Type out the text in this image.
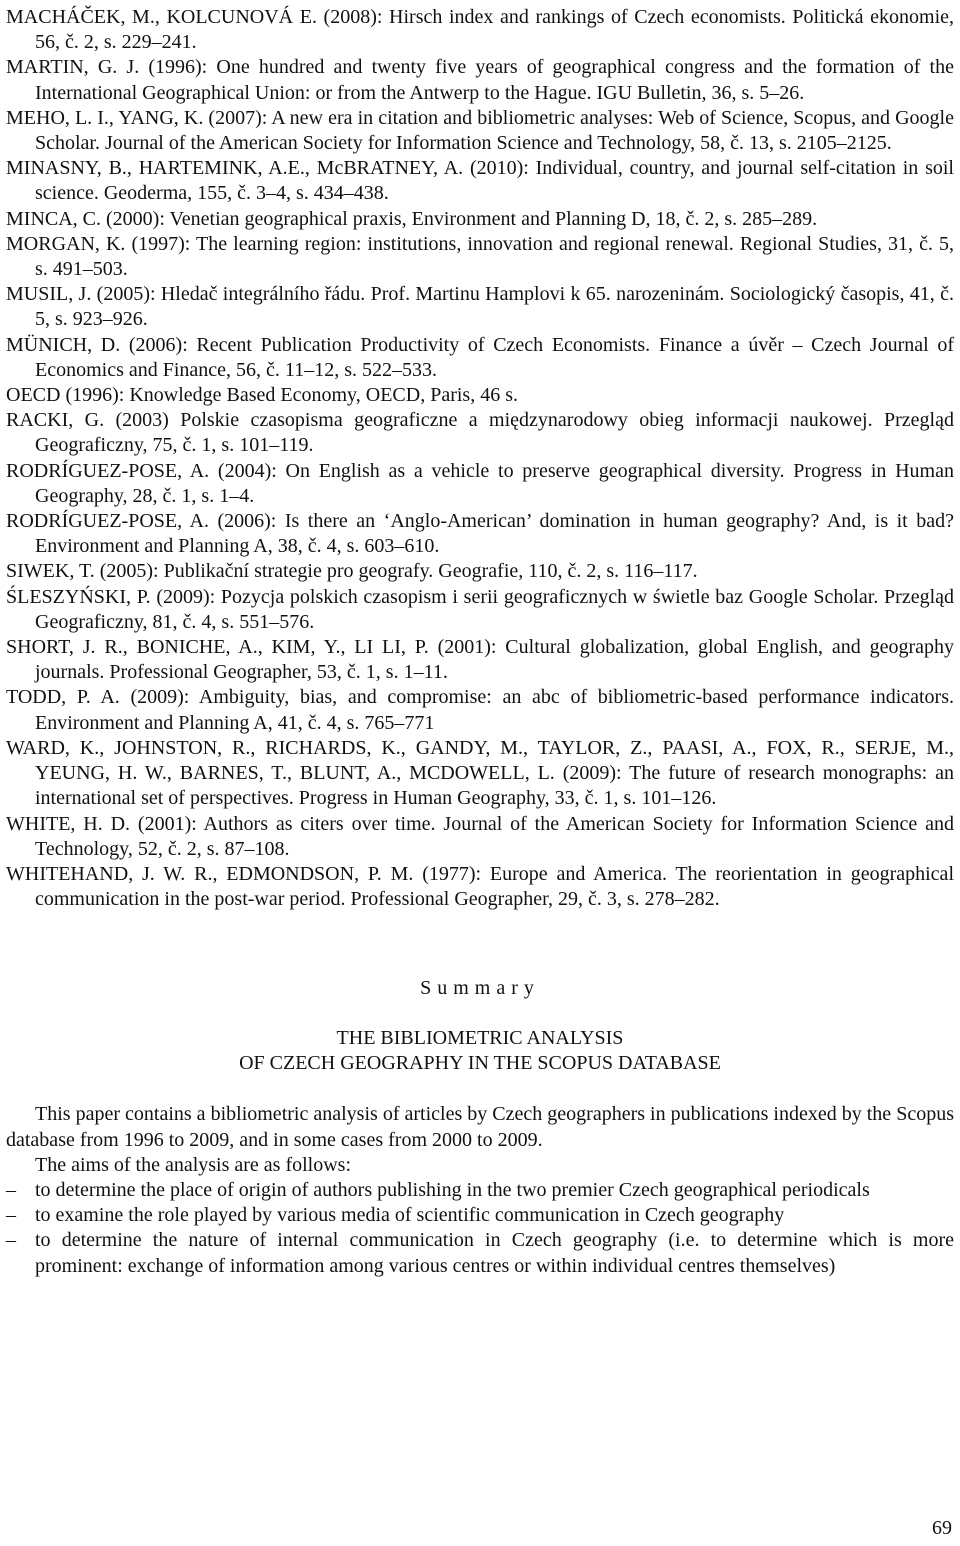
MACHÁČEK, M., KOLCUNOVÁ E. (2008): Hirsch index and rankings of Czech economists. Politická ekonomie, 56, č. 2, s. 229–241.

MARTIN, G. J. (1996): One hundred and twenty five years of geographical congress and the formation of the International Geographical Union: or from the Antwerp to the Hague. IGU Bulletin, 36, s. 5–26.

MEHO, L. I., YANG, K. (2007): A new era in citation and bibliometric analyses: Web of Science, Scopus, and Google Scholar. Journal of the American Society for Information Science and Technology, 58, č. 13, s. 2105–2125.

MINASNY, B., HARTEMINK, A.E., McBRATNEY, A. (2010): Individual, country, and journal self-citation in soil science. Geoderma, 155, č. 3–4, s. 434–438.

MINCA, C. (2000): Venetian geographical praxis, Environment and Planning D, 18, č. 2, s. 285–289.

MORGAN, K. (1997): The learning region: institutions, innovation and regional renewal. Regional Studies, 31, č. 5, s. 491–503.

MUSIL, J. (2005): Hledač integrálního řádu. Prof. Martinu Hamplovi k 65. narozeninám. Sociologický časopis, 41, č. 5, s. 923–926.

MÜNICH, D. (2006): Recent Publication Productivity of Czech Economists. Finance a úvěr – Czech Journal of Economics and Finance, 56, č. 11–12, s. 522–533.

OECD (1996): Knowledge Based Economy, OECD, Paris, 46 s.

RACKI, G. (2003) Polskie czasopisma geograficzne a międzynarodowy obieg informacji naukowej. Przegląd Geograficzny, 75, č. 1, s. 101–119.

RODRÍGUEZ-POSE, A. (2004): On English as a vehicle to preserve geographical diversity. Progress in Human Geography, 28, č. 1, s. 1–4.

RODRÍGUEZ-POSE, A. (2006): Is there an ‘Anglo-American’ domination in human geography? And, is it bad? Environment and Planning A, 38, č. 4, s. 603–610.

SIWEK, T. (2005): Publikační strategie pro geografy. Geografie, 110, č. 2, s. 116–117.

ŚLESZYŃSKI, P. (2009): Pozycja polskich czasopism i serii geograficznych w świetle baz Google Scholar. Przegląd Geograficzny, 81, č. 4, s. 551–576.

SHORT, J. R., BONICHE, A., KIM, Y., LI LI, P. (2001): Cultural globalization, global English, and geography journals. Professional Geographer, 53, č. 1, s. 1–11.

TODD, P. A. (2009): Ambiguity, bias, and compromise: an abc of bibliometric-based performance indicators. Environment and Planning A, 41, č. 4, s. 765–771

WARD, K., JOHNSTON, R., RICHARDS, K., GANDY, M., TAYLOR, Z., PAASI, A., FOX, R., SERJE, M., YEUNG, H. W., BARNES, T., BLUNT, A., MCDOWELL, L. (2009): The future of research monographs: an international set of perspectives. Progress in Human Geography, 33, č. 1, s. 101–126.

WHITE, H. D. (2001): Authors as citers over time. Journal of the American Society for Information Science and Technology, 52, č. 2, s. 87–108.

WHITEHAND, J. W. R., EDMONDSON, P. M. (1977): Europe and America. The reorientation in geographical communication in the post-war period. Professional Geographer, 29, č. 3, s. 278–282.

Summary
THE BIBLIOMETRIC ANALYSIS
OF CZECH GEOGRAPHY IN THE SCOPUS DATABASE

This paper contains a bibliometric analysis of articles by Czech geographers in publications indexed by the Scopus database from 1996 to 2009, and in some cases from 2000 to 2009.

The aims of the analysis are as follows:

– to determine the place of origin of authors publishing in the two premier Czech geographical periodicals
– to examine the role played by various media of scientific communication in Czech geography
– to determine the nature of internal communication in Czech geography (i.e. to determine which is more prominent: exchange of information among various centres or within individual centres themselves)
69
